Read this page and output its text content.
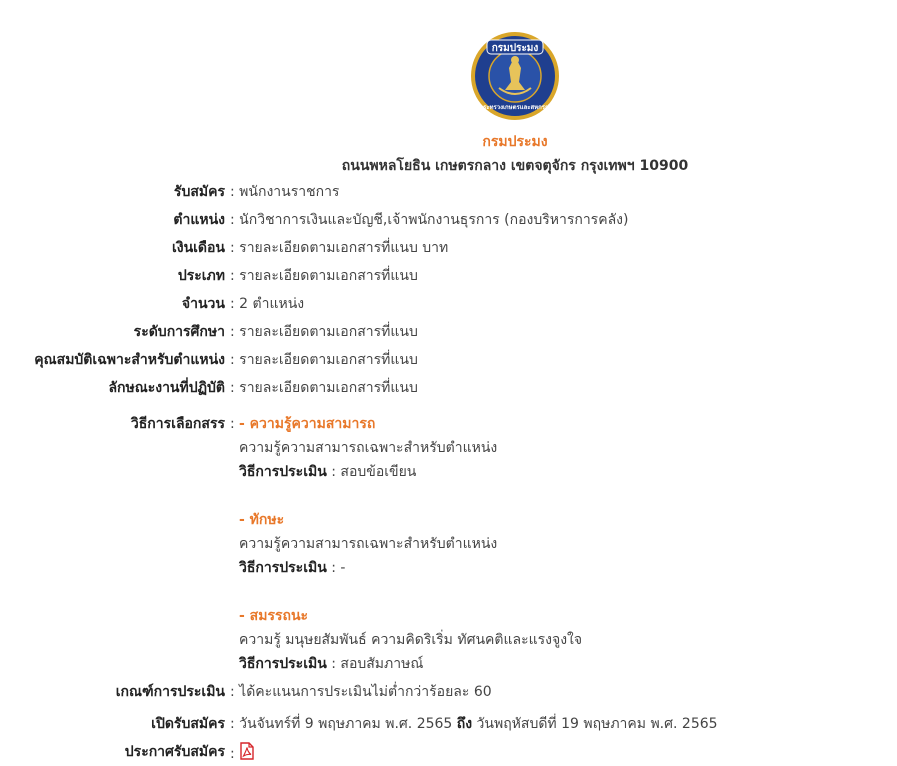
กรมประมง
กระทรวงเกษตรและสหกรณ์
กรมประมง
ถนนพหลโยธิน เกษตรกลาง เขตจตุจักร กรุงเทพฯ 10900
รับสมัคร : พนักงานราชการ
ตำแหน่ง : นักวิชาการเงินและบัญชี,เจ้าพนักงานธุรการ (กองบริหารการคลัง)
เงินเดือน : รายละเอียดตามเอกสารที่แนบ บาท
ประเภท : รายละเอียดตามเอกสารที่แนบ
จำนวน : 2 ตำแหน่ง
ระดับการศึกษา : รายละเอียดตามเอกสารที่แนบ
คุณสมบัติเฉพาะสำหรับตำแหน่ง : รายละเอียดตามเอกสารที่แนบ
ลักษณะงานที่ปฏิบัติ : รายละเอียดตามเอกสารที่แนบ
วิธีการเลือกสรร : - ความรู้ความสามารถ
ความรู้ความสามารถเฉพาะสำหรับตำแหน่ง
วิธีการประเมิน : สอบข้อเขียน
- ทักษะ
ความรู้ความสามารถเฉพาะสำหรับตำแหน่ง
วิธีการประเมิน : -
- สมรรถนะ
ความรู้ มนุษยสัมพันธ์ ความคิดริเริ่ม ทัศนคติและแรงจูงใจ
วิธีการประเมิน : สอบสัมภาษณ์
เกณฑ์การประเมิน : ได้คะแนนการประเมินไม่ต่ำกว่าร้อยละ 60
เปิดรับสมัคร : วันจันทร์ที่ 9 พฤษภาคม พ.ศ. 2565 ถึง วันพฤหัสบดีที่ 19 พฤษภาคม พ.ศ. 2565
ประกาศรับสมัคร :
